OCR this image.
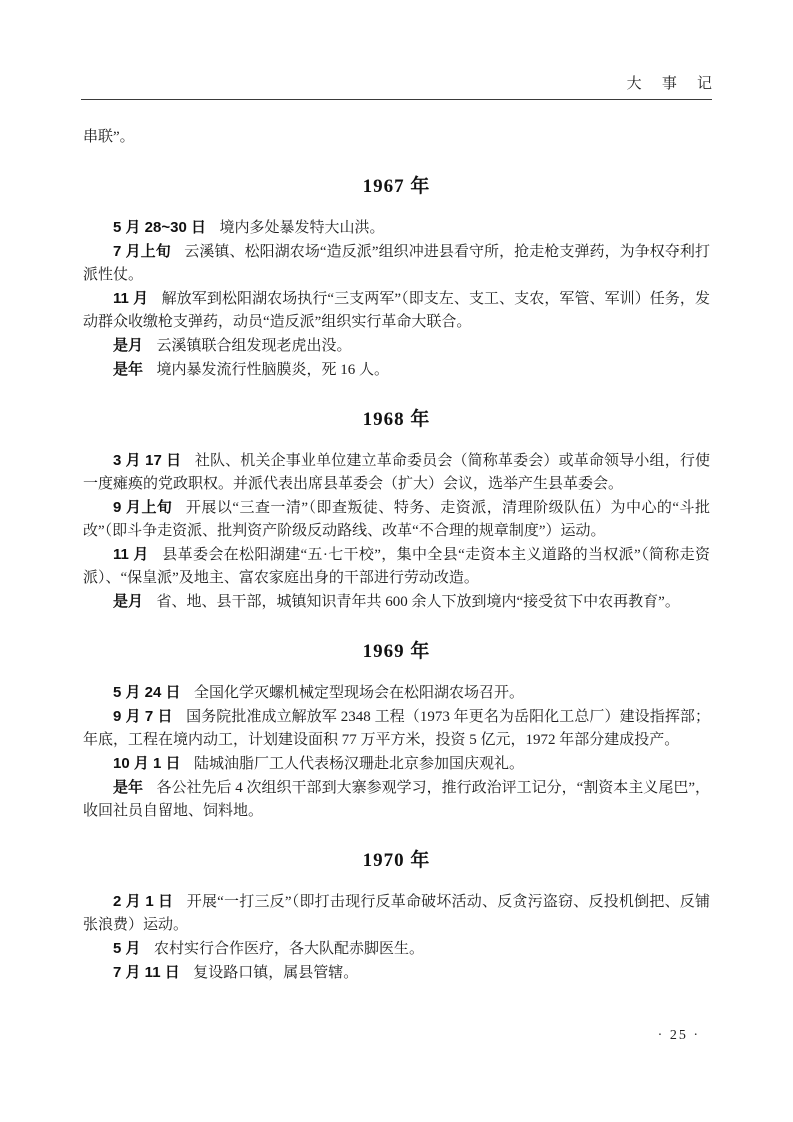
大 事 记

串联”。

1967 年

5 月 28~30 日 境内多处暴发特大山洪。

7 月上旬 云溪镇、松阳湖农场“造反派”组织冲进县看守所，抢走枪支弹药，为争权夺利打派性仗。

11 月 解放军到松阳湖农场执行“三支两军”（即支左、支工、支农，军管、军训）任务，发动群众收缴枪支弹药，动员“造反派”组织实行革命大联合。

是月 云溪镇联合组发现老虎出没。

是年 境内暴发流行性脑膜炎，死 16 人。

1968 年

3 月 17 日 社队、机关企事业单位建立革命委员会（简称革委会）或革命领导小组，行使一度瘫痪的党政职权。并派代表出席县革委会（扩大）会议，选举产生县革委会。

9 月上旬 开展以“三查一清”（即查叛徒、特务、走资派，清理阶级队伍）为中心的“斗批改”（即斗争走资派、批判资产阶级反动路线、改革“不合理的规章制度”）运动。

11 月 县革委会在松阳湖建“五·七干校”，集中全县“走资本主义道路的当权派”（简称走资派）、“保皇派”及地主、富农家庭出身的干部进行劳动改造。

是月 省、地、县干部，城镇知识青年共 600 余人下放到境内“接受贫下中农再教育”。

1969 年

5 月 24 日 全国化学灭螺机械定型现场会在松阳湖农场召开。

9 月 7 日 国务院批准成立解放军 2348 工程（1973 年更名为岳阳化工总厂）建设指挥部；年底，工程在境内动工，计划建设面积 77 万平方米，投资 5 亿元，1972 年部分建成投产。

10 月 1 日 陆城油脂厂工人代表杨汉珊赴北京参加国庆观礼。

是年 各公社先后 4 次组织干部到大寨参观学习，推行政治评工记分，“割资本主义尾巴”，收回社员自留地、饲料地。

1970 年

2 月 1 日 开展“一打三反”（即打击现行反革命破坏活动、反贪污盗窃、反投机倒把、反铺张浪费）运动。

5 月 农村实行合作医疗，各大队配赤脚医生。

7 月 11 日 复设路口镇，属县管辖。

· 25 ·
